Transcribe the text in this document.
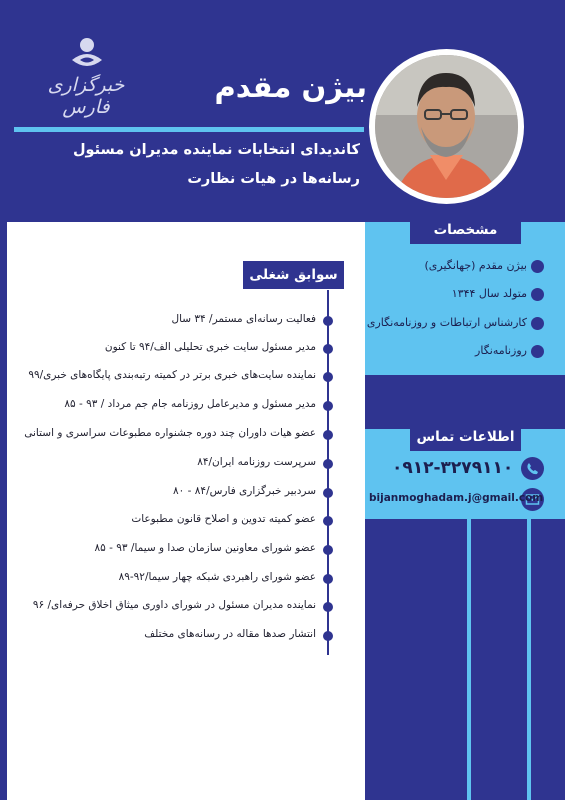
خبرگزاری فارس
بیژن مقدم
کاندیدای انتخابات نماینده مدیران مسئول
رسانه‌ها در هیات نظارت
سوابق شغلی
فعالیت رسانه‌ای مستمر/ ۳۴ سال
مدیر مسئول سایت خبری تحلیلی الف/۹۴ تا کنون
نماینده سایت‌های خبری برتر در کمیته رتبه‌بندی پایگاه‌های خبری/۹۹
مدیر مسئول و مدیرعامل روزنامه جام جم مرداد / ۹۳ - ۸۵
عضو هیات داوران چند دوره جشنواره مطبوعات سراسری و استانی
سرپرست روزنامه ایران/۸۴
سردبیر خبرگزاری فارس/۸۴ - ۸۰
عضو کمیته تدوین و اصلاح قانون مطبوعات
عضو شورای معاونین سازمان صدا و سیما/ ۹۳ - ۸۵
عضو شورای راهبردی شبکه چهار سیما/۹۲-۸۹
نماینده مدیران مسئول در شورای داوری میثاق اخلاق حرفه‌ای/ ۹۶
انتشار صدها مقاله در رسانه‌های مختلف
مشخصات
بیژن مقدم (جهانگیری)
متولد سال ۱۳۴۴
کارشناس ارتباطات و روزنامه‌نگاری
روزنامه‌نگار
اطلاعات تماس
۰۹۱۲-۳۲۷۹۱۱۰
bijanmoghadam.j@gmail.com
